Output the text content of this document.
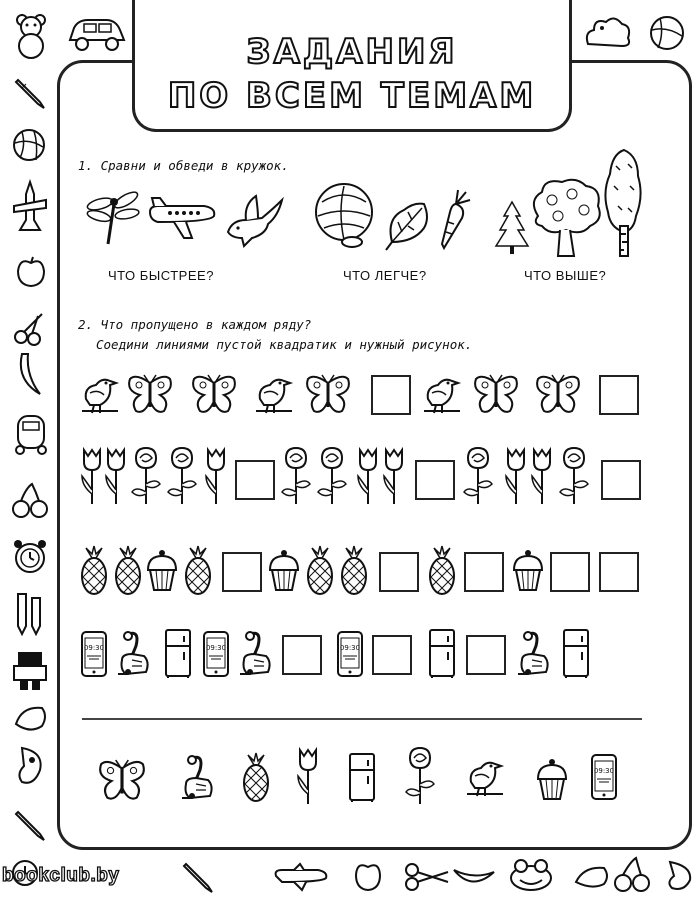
ЗАДАНИЯ
ПО ВСЕМ ТЕМАМ
1. Сравни и обведи в кружок.
ЧТО БЫСТРЕЕ?	ЧТО ЛЕГЧЕ?	ЧТО ВЫШЕ?
2. Что пропущено в каждом ряду?
Соедини линиями пустой квадратик и нужный рисунок.
09:30	09:30	09:30
09:30
bookclub.by
